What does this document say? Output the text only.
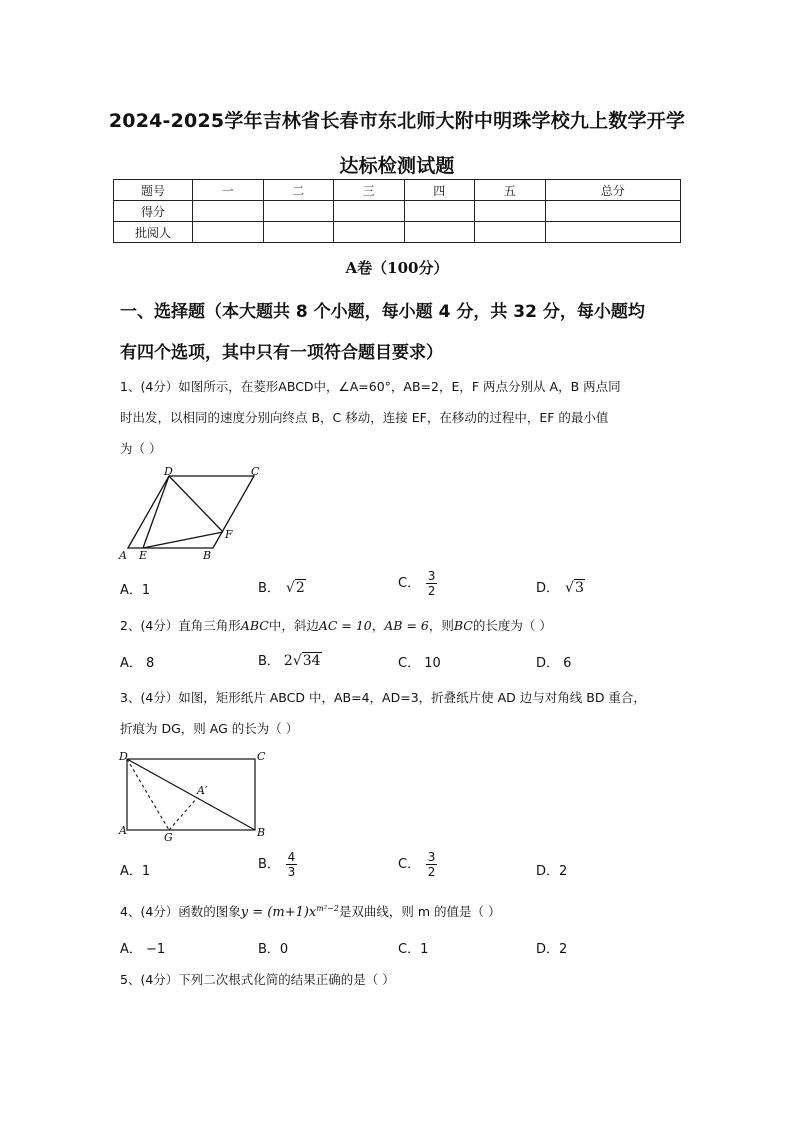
2024-2025学年吉林省长春市东北师大附中明珠学校九上数学开学
达标检测试题
题号	一	二	三	四	五	总分
得分						
批阅人						
A卷（100分）
一、选择题（本大题共 8 个小题，每小题 4 分，共 32 分，每小题均
有四个选项，其中只有一项符合题目要求）
1、(4分）如图所示，在菱形ABCD中，∠A=60°，AB=2，E，F 两点分别从 A，B 两点同
时出发，以相同的速度分别向终点 B，C 移动，连接 EF，在移动的过程中，EF 的最小值
为（ ）
D	C
A E	B
F
A．1	B． √2	C． $\frac{3}{2}$	D． √3
2、(4分）直角三角形ABC中，斜边AC = 10，AB = 6，则BC的长度为（ ）
A． 8	B． 2√34	C． 10	D． 6
3、(4分）如图，矩形纸片 ABCD 中，AB=4，AD=3，折叠纸片使 AD 边与对角线 BD 重合，
折痕为 DG，则 AG 的长为（ ）
D	C
A	B
G
A′
A．1	B． $\frac{4}{3}$	C． $\frac{3}{2}$	D．2
4、(4分）函数的图象$y = (m+1)x^{m^2-2}$是双曲线，则 m 的值是（ ）
A． −1	B．0	C．1	D．2
5、(4分）下列二次根式化简的结果正确的是（ ）
